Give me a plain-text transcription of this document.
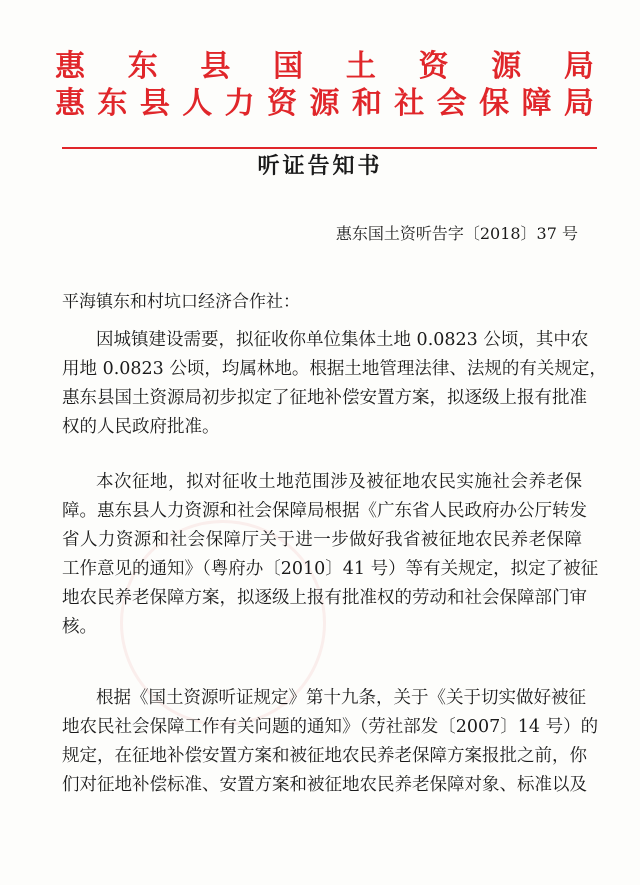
惠 东 县 国 土 资 源 局
惠 东 县 人 力 资 源 和 社 会 保 障 局
听证告知书
惠东国土资听告字〔2018〕37 号
平海镇东和村坑口经济合作社：
因城镇建设需要，拟征收你单位集体土地 0.0823 公顷，其中农
用地 0.0823 公顷，均属林地。根据土地管理法律、法规的有关规定，
惠东县国土资源局初步拟定了征地补偿安置方案，拟逐级上报有批准
权的人民政府批准。
本次征地，拟对征收土地范围涉及被征地农民实施社会养老保
障。惠东县人力资源和社会保障局根据《广东省人民政府办公厅转发
省人力资源和社会保障厅关于进一步做好我省被征地农民养老保障
工作意见的通知》（粤府办〔2010〕41 号）等有关规定，拟定了被征
地农民养老保障方案，拟逐级上报有批准权的劳动和社会保障部门审
核。
根据《国土资源听证规定》第十九条，关于《关于切实做好被征
地农民社会保障工作有关问题的通知》（劳社部发〔2007〕14 号）的
规定，在征地补偿安置方案和被征地农民养老保障方案报批之前，你
们对征地补偿标准、安置方案和被征地农民养老保障对象、标准以及
